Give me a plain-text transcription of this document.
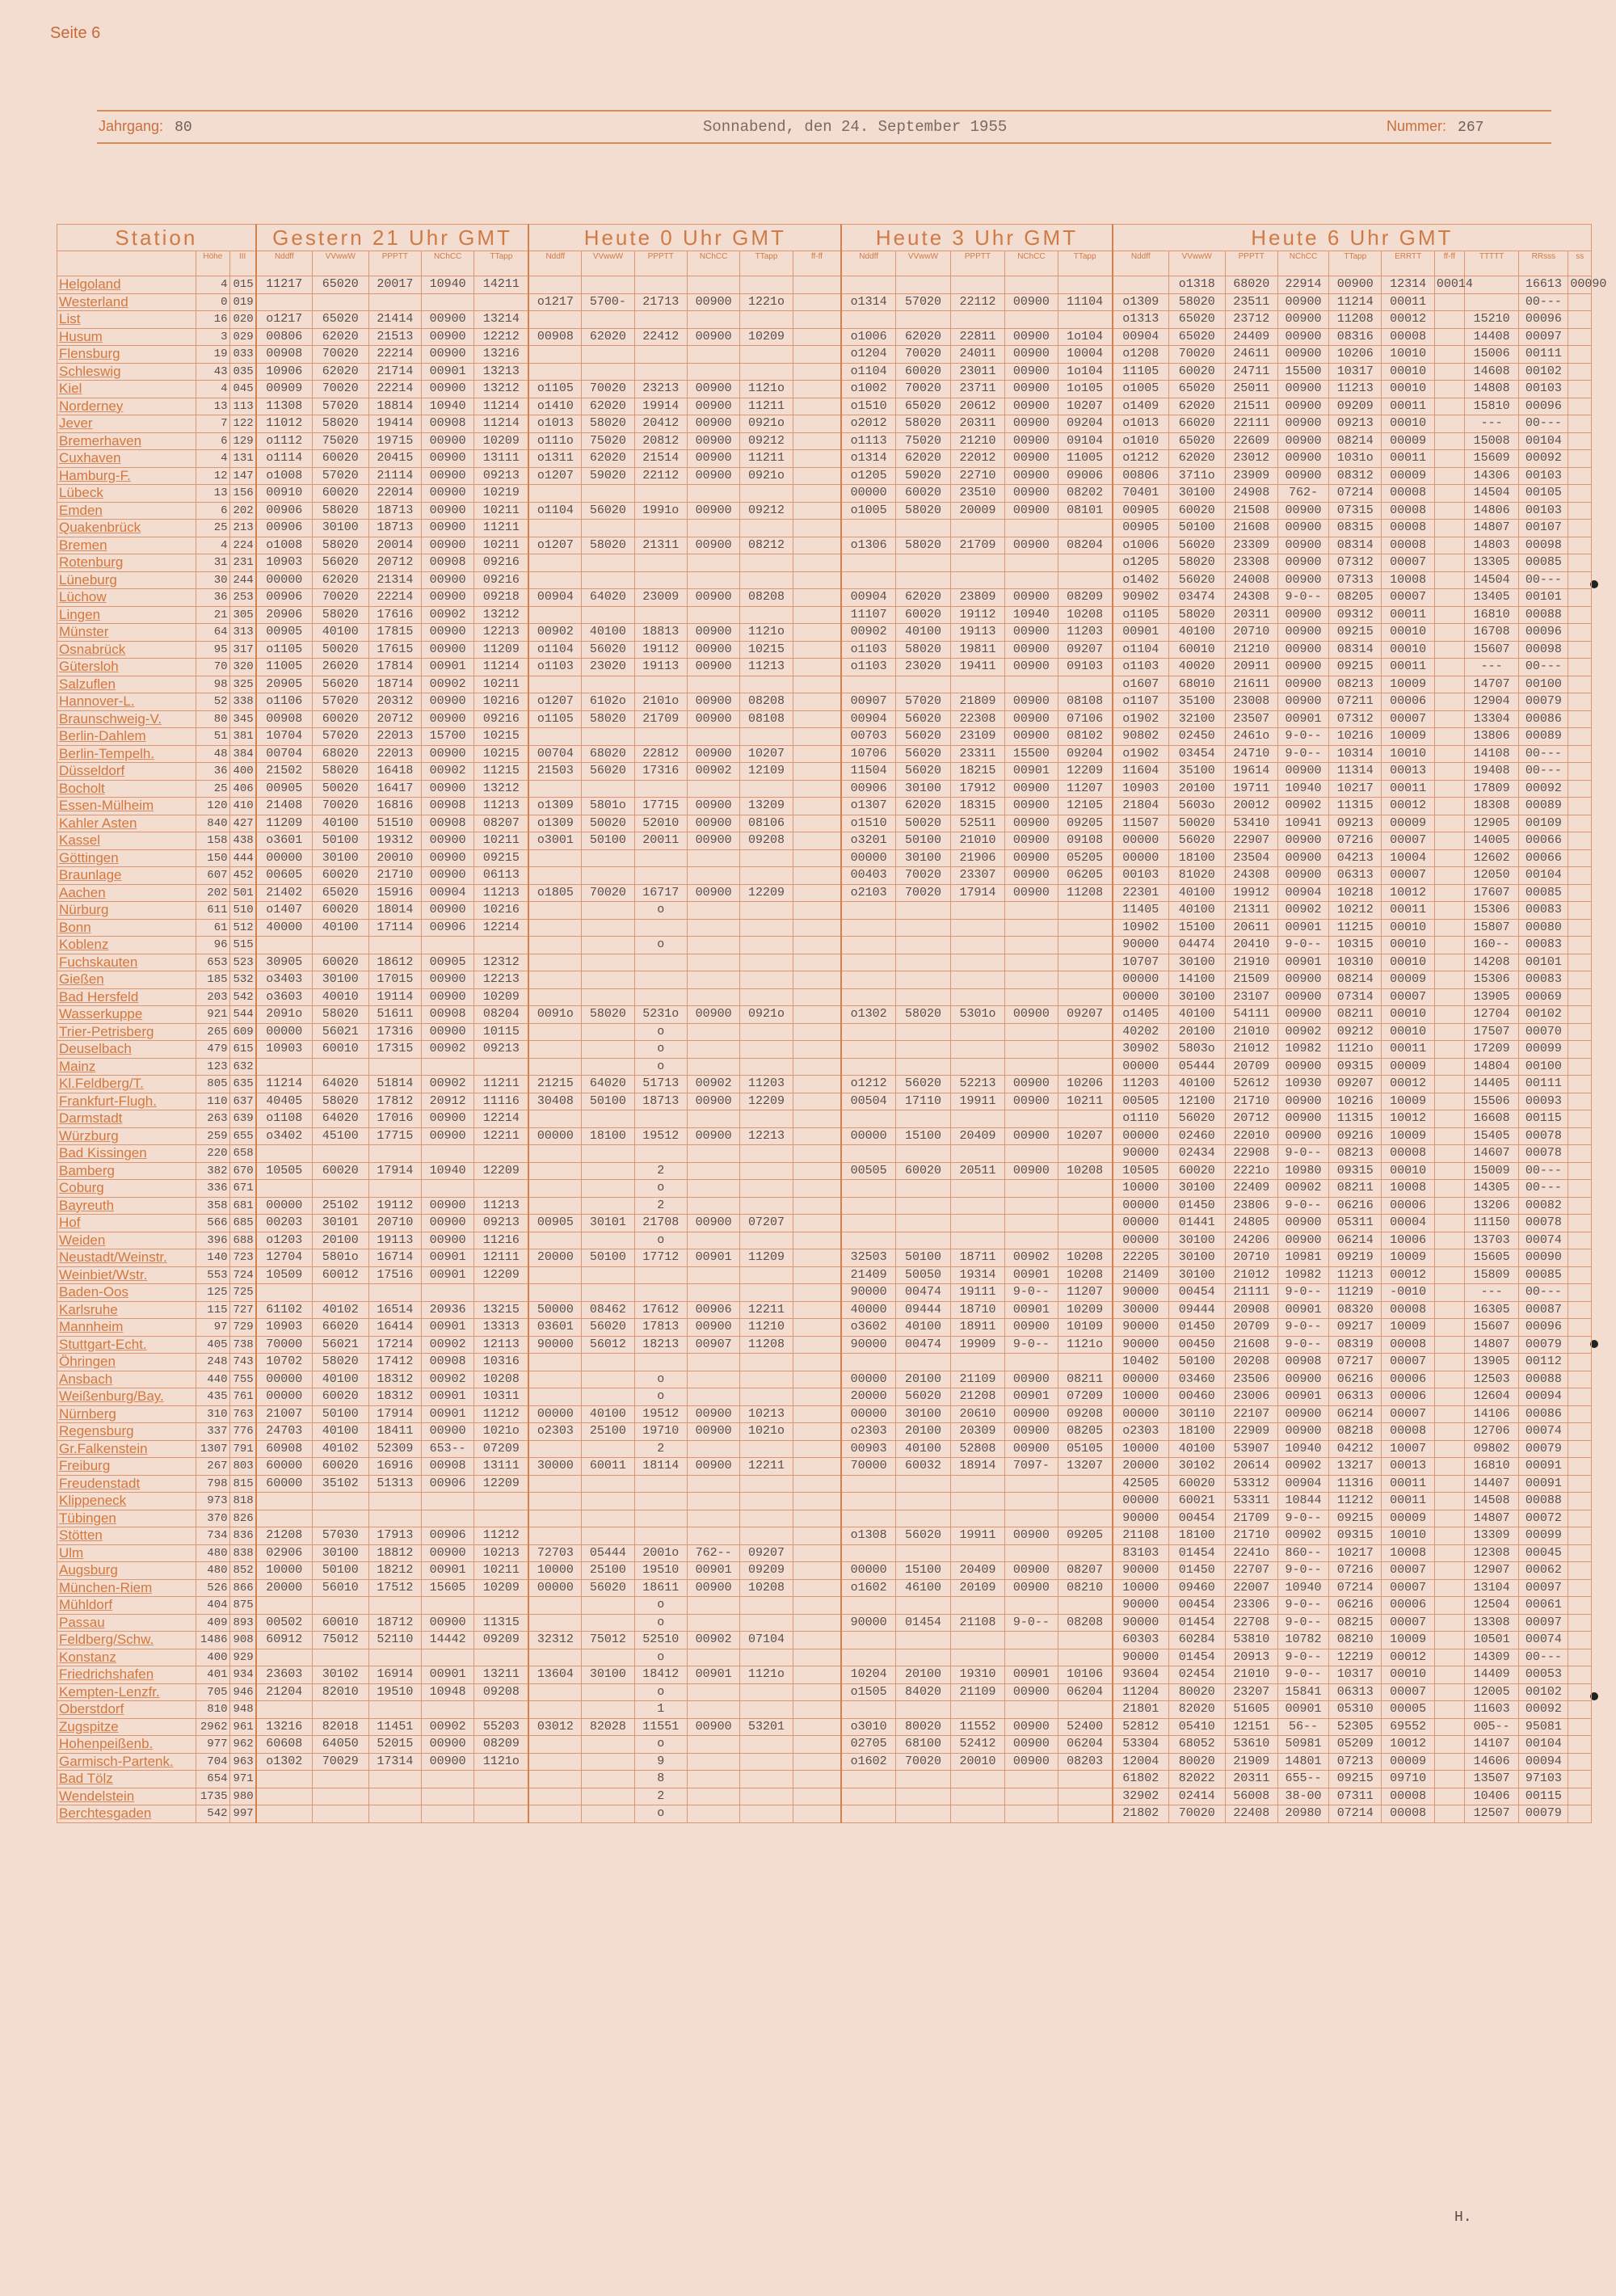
Seite 6
Jahrgang: 80	Sonnabend, den 24. September 1955	Nummer: 267
Station			Gestern 21 Uhr GMT					Heute 0 Uhr GMT						Heute 3 Uhr GMT					Heute 6 Uhr GMT									
	Höhe	III	Nddff	VVwwW	PPPTT	NChCC	TTapp	Nddff	VVwwW	PPPTT	NChCC	TTapp	ff-ff	Nddff	VVwwW	PPPTT	NChCC	TTapp	Nddff	VVwwW	PPPTT	NChCC	TTapp	ERRTT	ff-ff	TTTTT	RRsss	ss
Helgoland	4	015	11217	65020	20017	10940	14211													o1318	68020	22914	00900	12314	00014		16613	00090
Westerland	0	019						o1217	5700-	21713	00900	1221o		o1314	57020	22112	00900	11104	o1309	58020	23511	00900	11214	00011			00---	
List	16	020	o1217	65020	21414	00900	13214												o1313	65020	23712	00900	11208	00012		15210	00096	
Husum	3	029	00806	62020	21513	00900	12212	00908	62020	22412	00900	10209		o1006	62020	22811	00900	1o104	00904	65020	24409	00900	08316	00008		14408	00097	
Flensburg	19	033	00908	70020	22214	00900	13216							o1204	70020	24011	00900	10004	o1208	70020	24611	00900	10206	10010		15006	00111	
Schleswig	43	035	10906	62020	21714	00901	13213							o1104	60020	23011	00900	1o104	11105	60020	24711	15500	10317	00010		14608	00102	
Kiel	4	045	00909	70020	22214	00900	13212	o1105	70020	23213	00900	1121o		o1002	70020	23711	00900	1o105	o1005	65020	25011	00900	11213	00010		14808	00103	
Norderney	13	113	11308	57020	18814	10940	11214	o1410	62020	19914	00900	11211		o1510	65020	20612	00900	10207	o1409	62020	21511	00900	09209	00011		15810	00096	
Jever	7	122	11012	58020	19414	00908	11214	o1013	58020	20412	00900	0921o		o2012	58020	20311	00900	09204	o1013	66020	22111	00900	09213	00010		---	00---	
Bremerhaven	6	129	o1112	75020	19715	00900	10209	o111o	75020	20812	00900	09212		o1113	75020	21210	00900	09104	o1010	65020	22609	00900	08214	00009		15008	00104	
Cuxhaven	4	131	o1114	60020	20415	00900	13111	o1311	62020	21514	00900	11211		o1314	62020	22012	00900	11005	o1212	62020	23012	00900	1031o	00011		15609	00092	
Hamburg-F.	12	147	o1008	57020	21114	00900	09213	o1207	59020	22112	00900	0921o		o1205	59020	22710	00900	09006	00806	3711o	23909	00900	08312	00009		14306	00103	
Lübeck	13	156	00910	60020	22014	00900	10219							00000	60020	23510	00900	08202	70401	30100	24908	762-	07214	00008		14504	00105	
Emden	6	202	00906	58020	18713	00900	10211	o1104	56020	1991o	00900	09212		o1005	58020	20009	00900	08101	00905	60020	21508	00900	07315	00008		14806	00103	
Quakenbrück	25	213	00906	30100	18713	00900	11211												00905	50100	21608	00900	08315	00008		14807	00107	
Bremen	4	224	o1008	58020	20014	00900	10211	o1207	58020	21311	00900	08212		o1306	58020	21709	00900	08204	o1006	56020	23309	00900	08314	00008		14803	00098	
Rotenburg	31	231	10903	56020	20712	00908	09216												o1205	58020	23308	00900	07312	00007		13305	00085	
Lüneburg	30	244	00000	62020	21314	00900	09216												o1402	56020	24008	00900	07313	10008		14504	00---	
Lüchow	36	253	00906	70020	22214	00900	09218	00904	64020	23009	00900	08208		00904	62020	23809	00900	08209	90902	03474	24308	9-0--	08205	00007		13405	00101	
Lingen	21	305	20906	58020	17616	00902	13212							11107	60020	19112	10940	10208	o1105	58020	20311	00900	09312	00011		16810	00088	
Münster	64	313	00905	40100	17815	00900	12213	00902	40100	18813	00900	1121o		00902	40100	19113	00900	11203	00901	40100	20710	00900	09215	00010		16708	00096	
Osnabrück	95	317	o1105	50020	17615	00900	11209	o1104	56020	19112	00900	10215		o1103	58020	19811	00900	09207	o1104	60010	21210	00900	08314	00010		15607	00098	
Gütersloh	70	320	11005	26020	17814	00901	11214	o1103	23020	19113	00900	11213		o1103	23020	19411	00900	09103	o1103	40020	20911	00900	09215	00011		---	00---	
Salzuflen	98	325	20905	56020	18714	00902	10211												o1607	68010	21611	00900	08213	10009		14707	00100	
Hannover-L.	52	338	o1106	57020	20312	00900	10216	o1207	6102o	2101o	00900	08208		00907	57020	21809	00900	08108	o1107	35100	23008	00900	07211	00006		12904	00079	
Braunschweig-V.	80	345	00908	60020	20712	00900	09216	o1105	58020	21709	00900	08108		00904	56020	22308	00900	07106	o1902	32100	23507	00901	07312	00007		13304	00086	
Berlin-Dahlem	51	381	10704	57020	22013	15700	10215							00703	56020	23109	00900	08102	90802	02450	2461o	9-0--	10216	10009		13806	00089	
Berlin-Tempelh.	48	384	00704	68020	22013	00900	10215	00704	68020	22812	00900	10207		10706	56020	23311	15500	09204	o1902	03454	24710	9-0--	10314	10010		14108	00---	
Düsseldorf	36	400	21502	58020	16418	00902	11215	21503	56020	17316	00902	12109		11504	56020	18215	00901	12209	11604	35100	19614	00900	11314	00013		19408	00---	
Bocholt	25	406	00905	50020	16417	00900	13212							00906	30100	17912	00900	11207	10903	20100	19711	10940	10217	00011		17809	00092	
Essen-Mülheim	120	410	21408	70020	16816	00908	11213	o1309	5801o	17715	00900	13209		o1307	62020	18315	00900	12105	21804	5603o	20012	00902	11315	00012		18308	00089	
Kahler Asten	840	427	11209	40100	51510	00908	08207	o1309	50020	52010	00900	08106		o1510	50020	52511	00900	09205	11507	50020	53410	10941	09213	00009		12905	00109	
Kassel	158	438	o3601	50100	19312	00900	10211	o3001	50100	20011	00900	09208		o3201	50100	21010	00900	09108	00000	56020	22907	00900	07216	00007		14005	00066	
Göttingen	150	444	00000	30100	20010	00900	09215							00000	30100	21906	00900	05205	00000	18100	23504	00900	04213	10004		12602	00066	
Braunlage	607	452	00605	60020	21710	00900	06113							00403	70020	23307	00900	06205	00103	81020	24308	00900	06313	00007		12050	00104	
Aachen	202	501	21402	65020	15916	00904	11213	o1805	70020	16717	00900	12209		o2103	70020	17914	00900	11208	22301	40100	19912	00904	10218	10012		17607	00085	
Nürburg	611	510	o1407	60020	18014	00900	10216			o									11405	40100	21311	00902	10212	00011		15306	00083	
Bonn	61	512	40000	40100	17114	00906	12214												10902	15100	20611	00901	11215	00010		15807	00080	
Koblenz	96	515								o									90000	04474	20410	9-0--	10315	00010		160--	00083	
Fuchskauten	653	523	30905	60020	18612	00905	12312												10707	30100	21910	00901	10310	00010		14208	00101	
Gießen	185	532	o3403	30100	17015	00900	12213												00000	14100	21509	00900	08214	00009		15306	00083	
Bad Hersfeld	203	542	o3603	40010	19114	00900	10209												00000	30100	23107	00900	07314	00007		13905	00069	
Wasserkuppe	921	544	2091o	58020	51611	00908	08204	0091o	58020	5231o	00900	0921o		o1302	58020	5301o	00900	09207	o1405	40100	54111	00900	08211	00010		12704	00102	
Trier-Petrisberg	265	609	00000	56021	17316	00900	10115			o									40202	20100	21010	00902	09212	00010		17507	00070	
Deuselbach	479	615	10903	60010	17315	00902	09213			o									30902	5803o	21012	10982	1121o	00011		17209	00099	
Mainz	123	632								o									00000	05444	20709	00900	09315	00009		14804	00100	
Kl.Feldberg/T.	805	635	11214	64020	51814	00902	11211	21215	64020	51713	00902	11203		o1212	56020	52213	00900	10206	11203	40100	52612	10930	09207	00012		14405	00111	
Frankfurt-Flugh.	110	637	40405	58020	17812	20912	11116	30408	50100	18713	00900	12209		00504	17110	19911	00900	10211	00505	12100	21710	00900	10216	10009		15506	00093	
Darmstadt	263	639	o1108	64020	17016	00900	12214												o1110	56020	20712	00900	11315	10012		16608	00115	
Würzburg	259	655	o3402	45100	17715	00900	12211	00000	18100	19512	00900	12213		00000	15100	20409	00900	10207	00000	02460	22010	00900	09216	10009		15405	00078	
Bad Kissingen	220	658																	90000	02434	22908	9-0--	08213	00008		14607	00078	
Bamberg	382	670	10505	60020	17914	10940	12209			2				00505	60020	20511	00900	10208	10505	60020	2221o	10980	09315	00010		15009	00---	
Coburg	336	671								o									10000	30100	22409	00902	08211	10008		14305	00---	
Bayreuth	358	681	00000	25102	19112	00900	11213			2									00000	01450	23806	9-0--	06216	00006		13206	00082	
Hof	566	685	00203	30101	20710	00900	09213	00905	30101	21708	00900	07207							00000	01441	24805	00900	05311	00004		11150	00078	
Weiden	396	688	o1203	20100	19113	00900	11216			o									00000	30100	24206	00900	06214	10006		13703	00074	
Neustadt/Weinstr.	140	723	12704	5801o	16714	00901	12111	20000	50100	17712	00901	11209		32503	50100	18711	00902	10208	22205	30100	20710	10981	09219	10009		15605	00090	
Weinbiet/Wstr.	553	724	10509	60012	17516	00901	12209							21409	50050	19314	00901	10208	21409	30100	21012	10982	11213	00012		15809	00085	
Baden-Oos	125	725												90000	00474	19111	9-0--	11207	90000	00454	21111	9-0--	11219	-0010		---	00---	
Karlsruhe	115	727	61102	40102	16514	20936	13215	50000	08462	17612	00906	12211		40000	09444	18710	00901	10209	30000	09444	20908	00901	08320	00008		16305	00087	
Mannheim	97	729	10903	66020	16414	00901	13313	03601	56020	17813	00900	11210		o3602	40100	18911	00900	10109	90000	01450	20709	9-0--	09217	10009		15607	00096	
Stuttgart-Echt.	405	738	70000	56021	17214	00902	12113	90000	56012	18213	00907	11208		90000	00474	19909	9-0--	1121o	90000	00450	21608	9-0--	08319	00008		14807	00079	
Öhringen	248	743	10702	58020	17412	00908	10316												10402	50100	20208	00908	07217	00007		13905	00112	
Ansbach	440	755	00000	40100	18312	00902	10208			o				00000	20100	21109	00900	08211	00000	03460	23506	00900	06216	00006		12503	00088	
Weißenburg/Bay.	435	761	00000	60020	18312	00901	10311			o				20000	56020	21208	00901	07209	10000	00460	23006	00901	06313	00006		12604	00094	
Nürnberg	310	763	21007	50100	17914	00901	11212	00000	40100	19512	00900	10213		00000	30100	20610	00900	09208	00000	30110	22107	00900	06214	00007		14106	00086	
Regensburg	337	776	24703	40100	18411	00900	1021o	o2303	25100	19710	00900	1021o		o2303	20100	20309	00900	08205	o2303	18100	22909	00900	08218	00008		12706	00074	
Gr.Falkenstein	1307	791	60908	40102	52309	653--	07209			2				00903	40100	52808	00900	05105	10000	40100	53907	10940	04212	10007		09802	00079	
Freiburg	267	803	60000	60020	16916	00908	13111	30000	60011	18114	00900	12211		70000	60032	18914	7097-	13207	20000	30102	20614	00902	13217	00013		16810	00091	
Freudenstadt	798	815	60000	35102	51313	00906	12209												42505	60020	53312	00904	11316	00011		14407	00091	
Klippeneck	973	818																	00000	60021	53311	10844	11212	00011		14508	00088	
Tübingen	370	826																	90000	00454	21709	9-0--	09215	00009		14807	00072	
Stötten	734	836	21208	57030	17913	00906	11212							o1308	56020	19911	00900	09205	21108	18100	21710	00902	09315	10010		13309	00099	
Ulm	480	838	02906	30100	18812	00900	10213	72703	05444	2001o	762--	09207							83103	01454	2241o	860--	10217	10008		12308	00045	
Augsburg	480	852	10000	50100	18212	00901	10211	10000	25100	19510	00901	09209		00000	15100	20409	00900	08207	90000	01450	22707	9-0--	07216	00007		12907	00062	
München-Riem	526	866	20000	56010	17512	15605	10209	00000	56020	18611	00900	10208		o1602	46100	20109	00900	08210	10000	09460	22007	10940	07214	00007		13104	00097	
Mühldorf	404	875								o									90000	00454	23306	9-0--	06216	00006		12504	00061	
Passau	409	893	00502	60010	18712	00900	11315			o				90000	01454	21108	9-0--	08208	90000	01454	22708	9-0--	08215	00007		13308	00097	
Feldberg/Schw.	1486	908	60912	75012	52110	14442	09209	32312	75012	52510	00902	07104							60303	60284	53810	10782	08210	10009		10501	00074	
Konstanz	400	929								o									90000	01454	20913	9-0--	12219	00012		14309	00---	
Friedrichshafen	401	934	23603	30102	16914	00901	13211	13604	30100	18412	00901	1121o		10204	20100	19310	00901	10106	93604	02454	21010	9-0--	10317	00010		14409	00053	
Kempten-Lenzfr.	705	946	21204	82010	19510	10948	09208			o				o1505	84020	21109	00900	06204	11204	80020	23207	15841	06313	00007		12005	00102	
Oberstdorf	810	948								1									21801	82020	51605	00901	05310	00005		11603	00092	
Zugspitze	2962	961	13216	82018	11451	00902	55203	03012	82028	11551	00900	53201		o3010	80020	11552	00900	52400	52812	05410	12151	56--	52305	69552		005--	95081	
Hohenpeißenb.	977	962	60608	64050	52015	00900	08209			o				02705	68100	52412	00900	06204	53304	68052	53610	50981	05209	10012		14107	00104	
Garmisch-Partenk.	704	963	o1302	70029	17314	00900	1121o			9				o1602	70020	20010	00900	08203	12004	80020	21909	14801	07213	00009		14606	00094	
Bad Tölz	654	971								8									61802	82022	20311	655--	09215	09710		13507	97103	
Wendelstein	1735	980								2									32902	02414	56008	38-00	07311	00008		10406	00115	
Berchtesgaden	542	997								o									21802	70020	22408	20980	07214	00008		12507	00079	
H.
